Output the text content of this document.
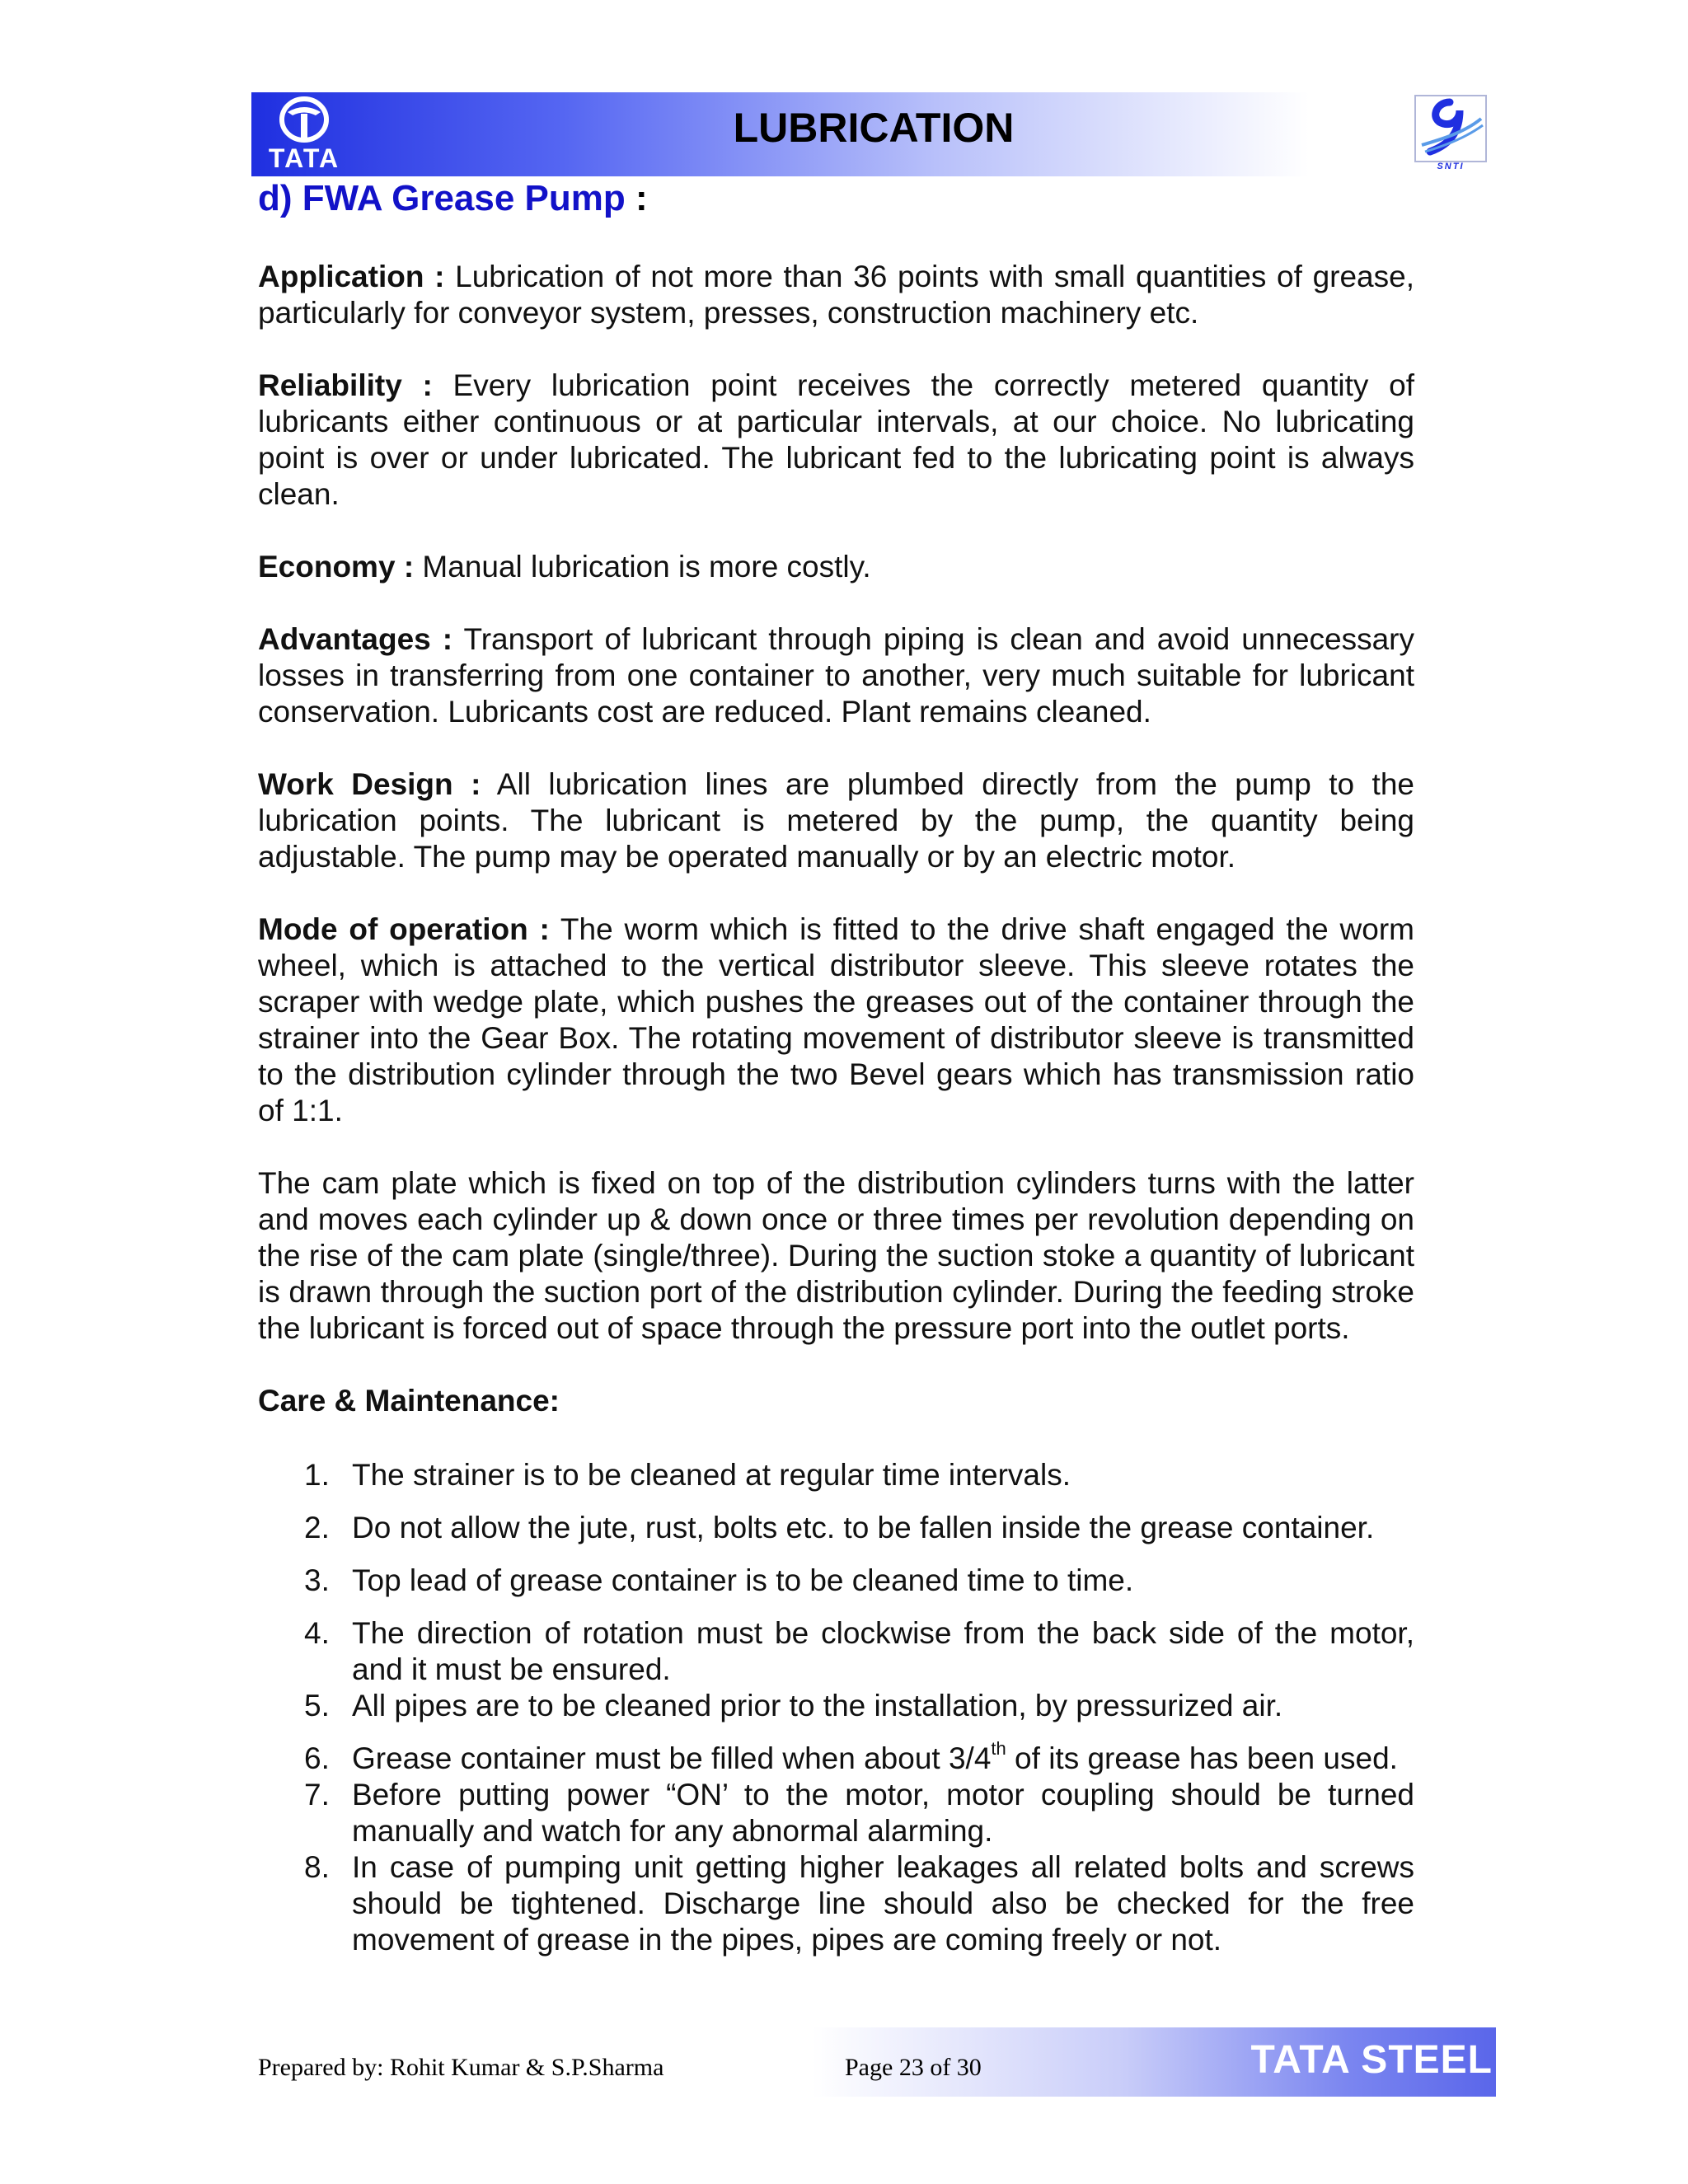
TATA
LUBRICATION
SNTI
d) FWA Grease Pump :

Application : Lubrication of not more than 36 points with small quantities of grease, particularly for conveyor system, presses, construction machinery etc.

Reliability : Every lubrication point receives the correctly metered quantity of lubricants either continuous or at particular intervals, at our choice. No lubricating point is over or under lubricated. The lubricant fed to the lubricating point is always clean.

Economy : Manual lubrication is more costly.

Advantages : Transport of lubricant through piping is clean and avoid unnecessary losses in transferring from one container to another, very much suitable for lubricant conservation. Lubricants cost are reduced. Plant remains cleaned.

Work Design : All lubrication lines are plumbed directly from the pump to the lubrication points. The lubricant is metered by the pump, the quantity being adjustable. The pump may be operated manually or by an electric motor.

Mode of operation : The worm which is fitted to the drive shaft engaged the worm wheel, which is attached to the vertical distributor sleeve. This sleeve rotates the scraper with wedge plate, which pushes the greases out of the container through the strainer into the Gear Box. The rotating movement of distributor sleeve is transmitted to the distribution cylinder through the two Bevel gears which has transmission ratio of 1:1.

The cam plate which is fixed on top of the distribution cylinders turns with the latter and moves each cylinder up & down once or three times per revolution depending on the rise of the cam plate (single/three). During the suction stoke a quantity of lubricant is drawn through the suction port of the distribution cylinder. During the feeding stroke the lubricant is forced out of space through the pressure port into the outlet ports.

Care & Maintenance:

1. The strainer is to be cleaned at regular time intervals.
2. Do not allow the jute, rust, bolts etc. to be fallen inside the grease container.
3. Top lead of grease container is to be cleaned time to time.
4. The direction of rotation must be clockwise from the back side of the motor, and it must be ensured.
5. All pipes are to be cleaned prior to the installation, by pressurized air.
6. Grease container must be filled when about 3/4th of its grease has been used.
7. Before putting power “ON’ to the motor, motor coupling should be turned manually and watch for any abnormal alarming.
8. In case of pumping unit getting higher leakages all related bolts and screws should be tightened. Discharge line should also be checked for the free movement of grease in the pipes, pipes are coming freely or not.
Prepared by: Rohit Kumar & S.P.Sharma	Page 23 of 30	TATA STEEL
